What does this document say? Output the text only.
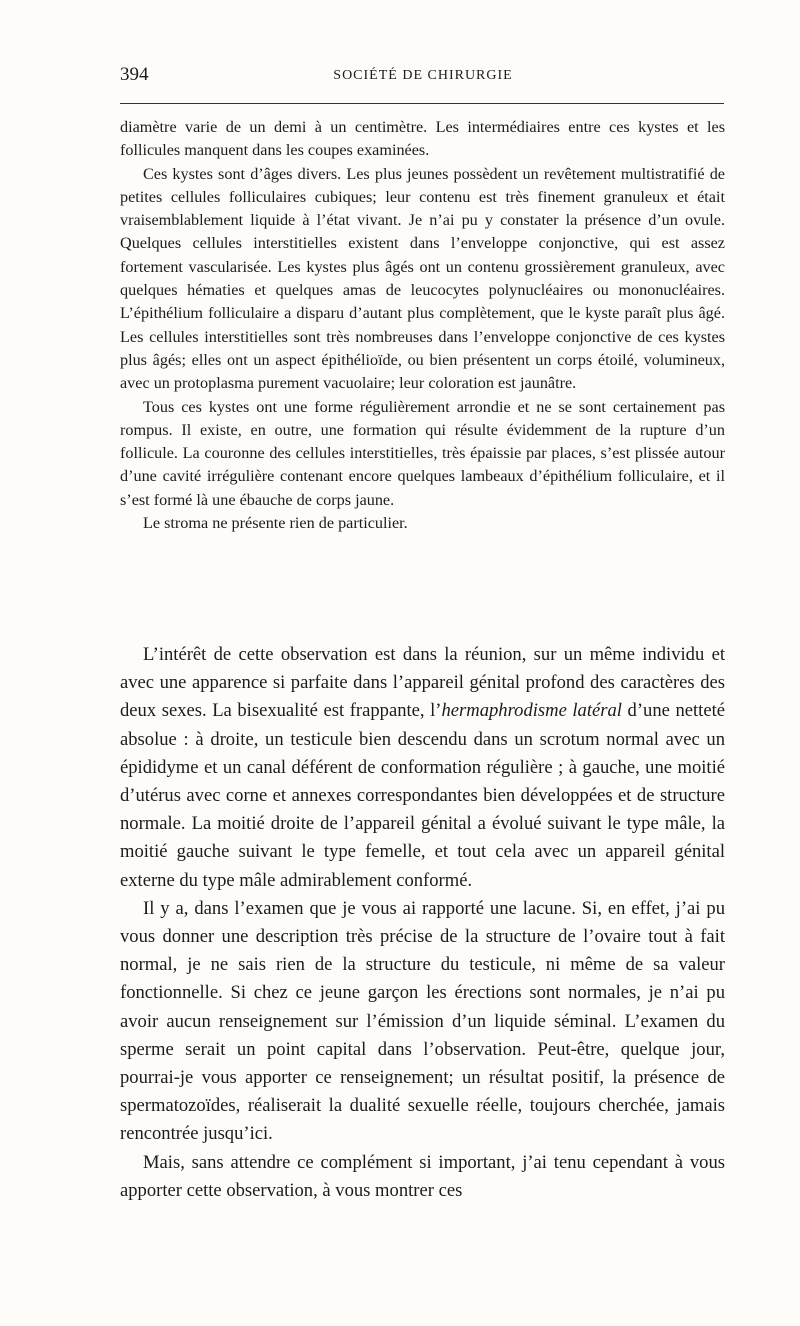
394	SOCIÉTÉ DE CHIRURGIE

diamètre varie de un demi à un centimètre. Les intermédiaires entre ces kystes et les follicules manquent dans les coupes examinées.

Ces kystes sont d’âges divers. Les plus jeunes possèdent un revêtement multistratifié de petites cellules folliculaires cubiques; leur contenu est très finement granuleux et était vraisemblablement liquide à l’état vivant. Je n’ai pu y constater la présence d’un ovule. Quelques cellules interstitielles existent dans l’enveloppe conjonctive, qui est assez fortement vascularisée. Les kystes plus âgés ont un contenu grossièrement granuleux, avec quelques hématies et quelques amas de leucocytes polynucléaires ou mononucléaires. L’épithélium folliculaire a disparu d’autant plus complètement, que le kyste paraît plus âgé. Les cellules interstitielles sont très nombreuses dans l’enveloppe conjonctive de ces kystes plus âgés; elles ont un aspect épithélioïde, ou bien présentent un corps étoilé, volumineux, avec un protoplasma purement vacuolaire; leur coloration est jaunâtre.

Tous ces kystes ont une forme régulièrement arrondie et ne se sont certainement pas rompus. Il existe, en outre, une formation qui résulte évidemment de la rupture d’un follicule. La couronne des cellules interstitielles, très épaissie par places, s’est plissée autour d’une cavité irrégulière contenant encore quelques lambeaux d’épithélium folliculaire, et il s’est formé là une ébauche de corps jaune.

Le stroma ne présente rien de particulier.

L’intérêt de cette observation est dans la réunion, sur un même individu et avec une apparence si parfaite dans l’appareil génital profond des caractères des deux sexes. La bisexualité est frappante, l’hermaphrodisme latéral d’une netteté absolue : à droite, un testicule bien descendu dans un scrotum normal avec un épididyme et un canal déférent de conformation régulière ; à gauche, une moitié d’utérus avec corne et annexes correspondantes bien développées et de structure normale. La moitié droite de l’appareil génital a évolué suivant le type mâle, la moitié gauche suivant le type femelle, et tout cela avec un appareil génital externe du type mâle admirablement conformé.

Il y a, dans l’examen que je vous ai rapporté une lacune. Si, en effet, j’ai pu vous donner une description très précise de la structure de l’ovaire tout à fait normal, je ne sais rien de la structure du testicule, ni même de sa valeur fonctionnelle. Si chez ce jeune garçon les érections sont normales, je n’ai pu avoir aucun renseignement sur l’émission d’un liquide séminal. L’examen du sperme serait un point capital dans l’observation. Peut-être, quelque jour, pourrai-je vous apporter ce renseignement; un résultat positif, la présence de spermatozoïdes, réaliserait la dualité sexuelle réelle, toujours cherchée, jamais rencontrée jusqu’ici.

Mais, sans attendre ce complément si important, j’ai tenu cependant à vous apporter cette observation, à vous montrer ces
